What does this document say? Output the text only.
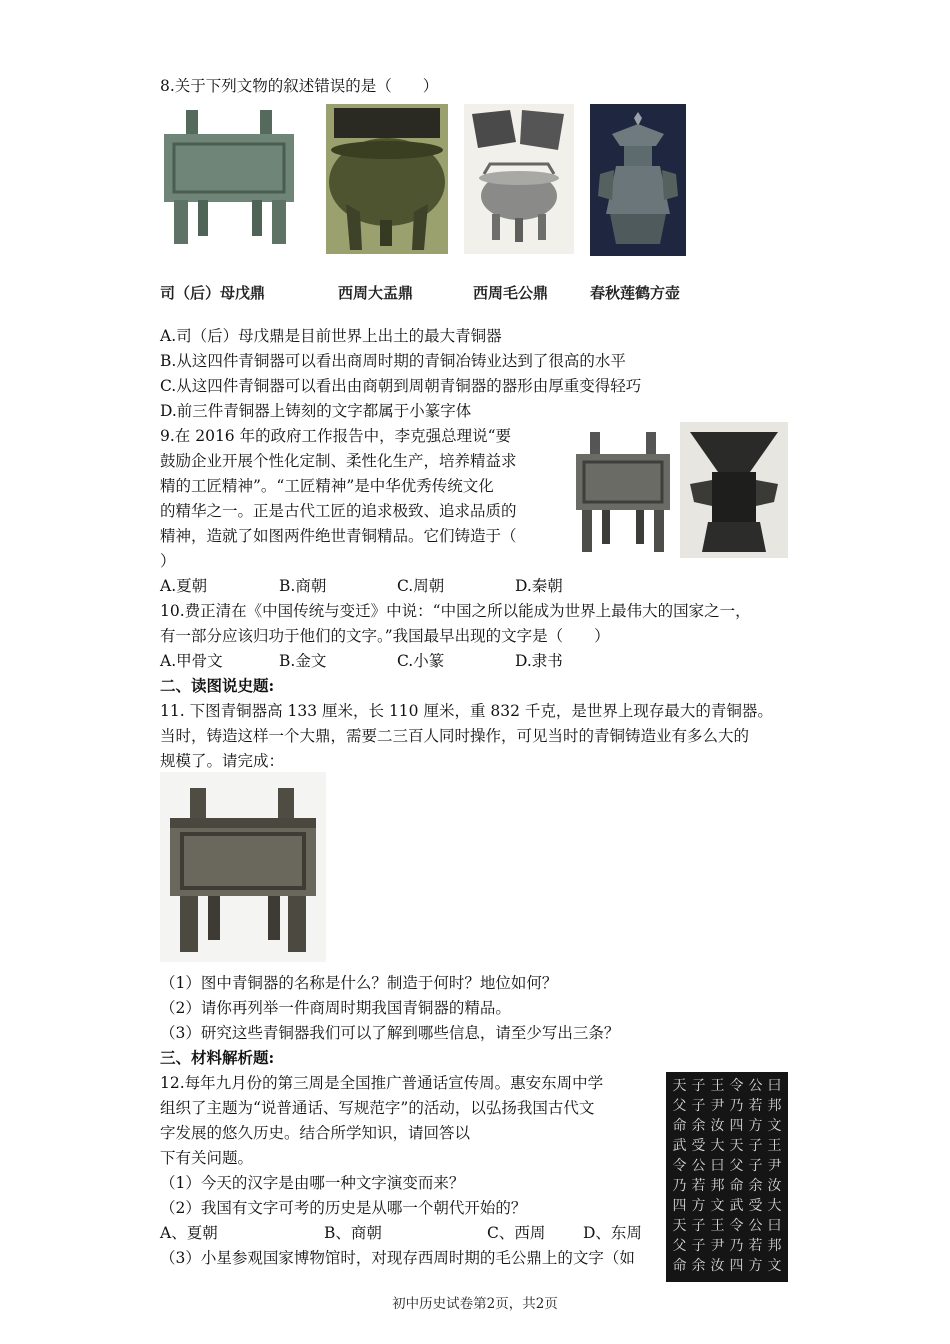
8.关于下列文物的叙述错误的是（　　）
司（后）母戊鼎	西周大盂鼎	西周毛公鼎	春秋莲鹤方壶
A.司（后）母戊鼎是目前世界上出土的最大青铜器
B.从这四件青铜器可以看出商周时期的青铜冶铸业达到了很高的水平
C.从这四件青铜器可以看出由商朝到周朝青铜器的器形由厚重变得轻巧
D.前三件青铜器上铸刻的文字都属于小篆字体
9.在 2016 年的政府工作报告中，李克强总理说“要
鼓励企业开展个性化定制、柔性化生产，培养精益求
精的工匠精神”。“工匠精神”是中华优秀传统文化
的精华之一。正是古代工匠的追求极致、追求品质的
精神，造就了如图两件绝世青铜精品。它们铸造于（
）
A.夏朝	B.商朝	C.周朝	D.秦朝
10.费正清在《中国传统与变迁》中说：“中国之所以能成为世界上最伟大的国家之一，
有一部分应该归功于他们的文字。”我国最早出现的文字是（　　）
A.甲骨文	B.金文	C.小篆	D.隶书
二、读图说史题:
11. 下图青铜器高 133 厘米，长 110 厘米，重 832 千克，是世界上现存最大的青铜器。
当时，铸造这样一个大鼎，需要二三百人同时操作，可见当时的青铜铸造业有多么大的
规模了。请完成：
（1）图中青铜器的名称是什么？制造于何时？地位如何？
（2）请你再列举一件商周时期我国青铜器的精品。
（3）研究这些青铜器我们可以了解到哪些信息，请至少写出三条？
三、材料解析题:
12.每年九月份的第三周是全国推广普通话宣传周。惠安东周中学
组织了主题为“说普通话、写规范字”的活动，以弘扬我国古代文
字发展的悠久历史。结合所学知识，请回答以
下有关问题。
（1）今天的汉字是由哪一种文字演变而来？
（2）我国有文字可考的历史是从哪一个朝代开始的？
A、夏朝	B、商朝	C、西周 D、东周
（3）小星参观国家博物馆时，对现存西周时期的毛公鼎上的文字（如
天 子 王 令 公 曰
父 子 尹 乃 若 邦
命 余 汝 四 方 文
武 受 大 天 子 王
令 公 曰 父 子 尹
乃 若 邦 命 余 汝
四 方 文 武 受 大
天 子 王 令 公 曰
父 子 尹 乃 若 邦
命 余 汝 四 方 文
初中历史试卷第2页，共2页
